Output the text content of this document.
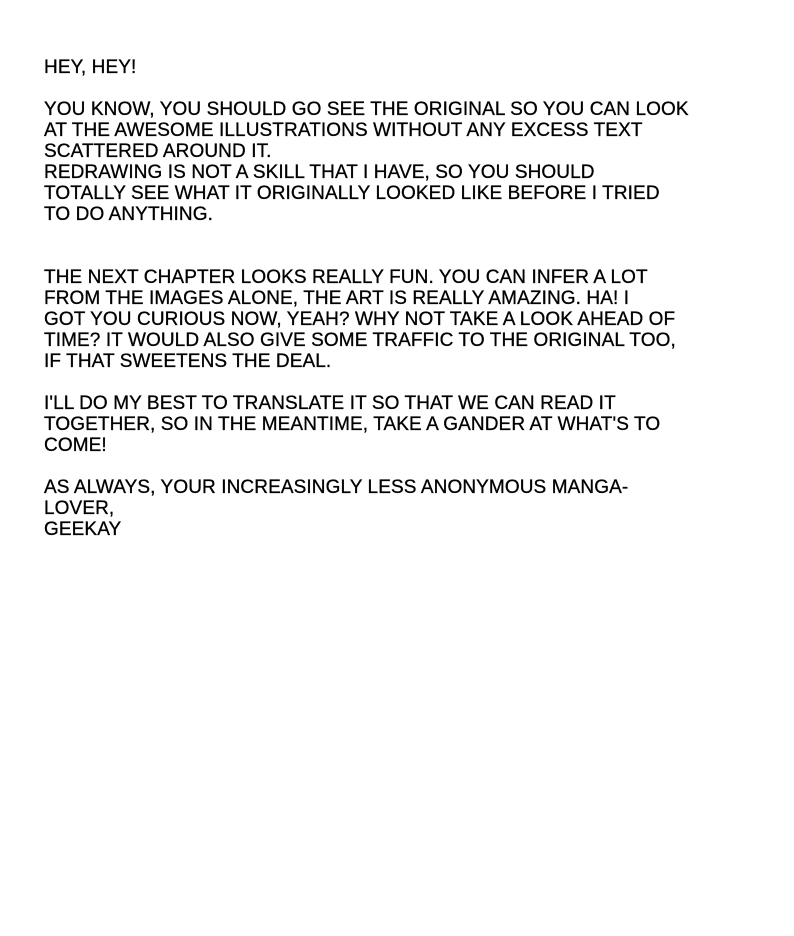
HEY, HEY!
YOU KNOW, YOU SHOULD GO SEE THE ORIGINAL SO YOU CAN LOOK
AT THE AWESOME ILLUSTRATIONS WITHOUT ANY EXCESS TEXT
SCATTERED AROUND IT.
REDRAWING IS NOT A SKILL THAT I HAVE, SO YOU SHOULD
TOTALLY SEE WHAT IT ORIGINALLY LOOKED LIKE BEFORE I TRIED
TO DO ANYTHING.
THE NEXT CHAPTER LOOKS REALLY FUN. YOU CAN INFER A LOT
FROM THE IMAGES ALONE, THE ART IS REALLY AMAZING. HA! I
GOT YOU CURIOUS NOW, YEAH? WHY NOT TAKE A LOOK AHEAD OF
TIME? IT WOULD ALSO GIVE SOME TRAFFIC TO THE ORIGINAL TOO,
IF THAT SWEETENS THE DEAL.
I'LL DO MY BEST TO TRANSLATE IT SO THAT WE CAN READ IT
TOGETHER, SO IN THE MEANTIME, TAKE A GANDER AT WHAT'S TO
COME!
AS ALWAYS, YOUR INCREASINGLY LESS ANONYMOUS MANGA-
LOVER,
GEEKAY
